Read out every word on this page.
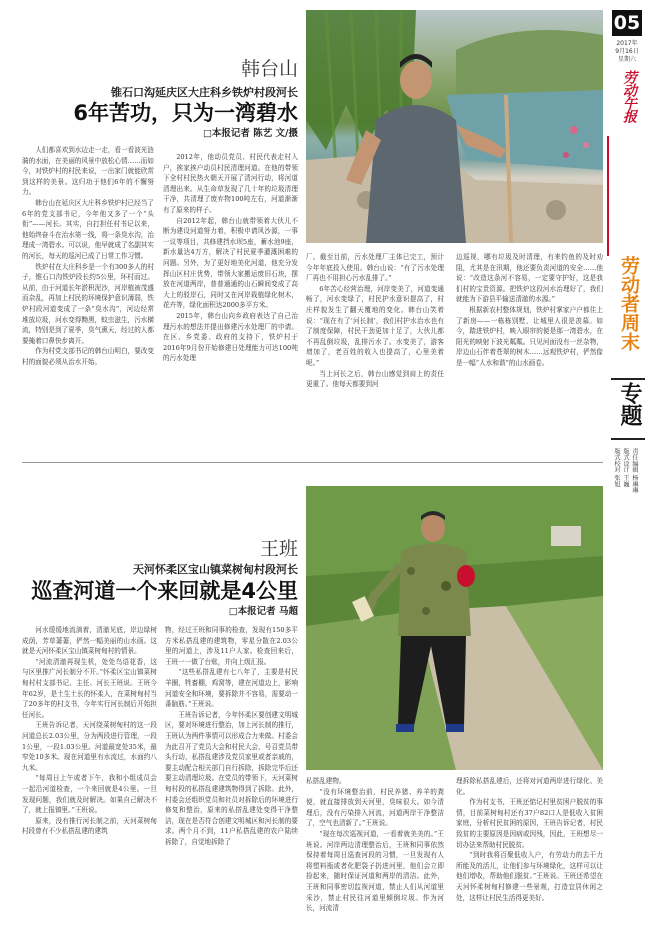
05
2017年
9月16日
星期六
劳动午报
劳动者周末
专题
责任编辑 杨琳琳
版式设计 王巍
版式校对 张旭
韩台山
锥石口沟延庆区大庄科乡铁炉村段河长
6年苦功，只为一湾碧水
□本报记者 陈艺 文/摄

人们都喜欢到水边走一走，看一看波光涟漪的水面，在美丽的风景中放松心情……而如今，对铁炉村的村民来说，一出家门就能欣赏到这样的美景。这归功于他们6年的不懈努力。

韩台山在延庆区大庄科乡铁炉村已经当了6年的党支部书记，今年他又多了一个“头衔”——河长。其实，自打担任村书记以来，他始终奋斗在治水第一线，将一条臭水沟，治理成一湾碧水。可以说，他早就成了名副其实的河长，每天的巡河已成了日常工作习惯。

铁炉村在大庄科乡是一个有300多人的村子，锥石口沟铁炉段长约5公里，环村而过。从前，由于河道长年淤积泥沙，河岸植被茂盛而杂乱，再加上村民的环境保护意识薄弱，铁炉村段河道变成了一条“臭水沟”，河边经常堆放垃圾，河水变得黝黑，蚊虫滋生，污水横流，特别是到了夏季，臭气熏天，经过的人都要掩着口鼻快步离开。

作为村党支部书记的韩台山明白，要改变村的面貌必须从治水开始。

2012年，他动员党员、村民代表走村入户，挨家挨户动员村民清理河道。在他的带领下全村村民热火朝天开展了清河行动，将河道清理出来。从生命草发现了几十年的垃圾清理干净，共清理了废弃物100吨左右，河道渐渐有了原来的样子。

自2012年起，韩台山就带领着大伙儿不断为建设河道努力着，积极申请风沙源，一事一议等项目，共修建挡水坝5座，蓄水池9座，新水量达4万方，解决了村民夏季灌溉困难的问题。另外，为了更好地美化河道，他充分发挥山区村庄优势，带领大家搬运废旧石块，摆放在河道两岸，普普通通的山石瞬间变成了高大上的驳岸石，同时又在河岸栽植绿化树木，花卉等，绿化面积达2000多平方米。

2015年，韩台山向乡政府表达了自己治理污水的想法并提出修建污水处理厂的申请。在区、乡党委、政府的支持下，铁炉村于2016年9月份开始修建日处理能力可达100吨的污水处理

厂。截至目前，污水处理厂主体已完工，预计今年年底投入使用。韩台山说：“有了污水处理厂再也不用担心污水乱排了。”

6年苦心经营治理，河岸变美了，河道变通畅了，河水变绿了，村民护水意识提高了，村庄样貌发生了翻天覆地的变化。韩台山笑着说：“现在有了‘河长制’，我们村护水治水也有了制度保障，村民干劲更加十足了，大伙儿都不再乱倒垃圾，乱排污水了。水变美了，游客增加了，老百姓的收入也提高了，心里美着呢。”

当上河长之后，韩台山感觉到肩上的责任更重了。他每天都要到河

边巡视，哪有垃圾及时清理，有来钓鱼的及时劝阻，尤其是在汛期，他还要负责河道的安全……他说：“改造这条河不容易，一定要守护好，这是我们村的宝贵资源。把铁炉这段河水治理好了，我们就能为下游县平输送清澈的水源。”

根据新农村整体规划，铁炉村掌家户户都住上了新房——一栋栋别墅，让城里人很是羡慕。如今，踏进铁炉村，映入眼帘的便是那一湾碧水，在阳光的映射下波光粼粼。只见河面没有一丝杂物，岸边山石伴着苍翠的树木……远观铁炉村，俨然像是一幅“人水和谐”的山水画卷。

王班
天河怀柔区宝山镇菜树甸村段河长
巡查河道一个来回就是4公里
□本报记者 马超

河水缓缓地流淌着，清澈见底，岸边绿树成荫，芳草萋萋，俨然一幅美丽的山水画。这就是天河怀柔区宝山镇菜树甸村的情景。

“河流清澈再现生机，处处鸟语花香，这与区里推广河长制分不开。”怀柔区宝山镇菜树甸村村支部书记、主任、河长王班说。王班今年62岁，是土生土长的怀柔人，在菜树甸村当了20多年的村支书，今年实行河长制后开始担任河长。

王班告诉记者，天河绕菜树甸村的这一段河道总长2.03公里，分为两段进行管理，一段1公里，一段1.03公里。河道最宽处35米，最窄处10多米。现在河道里有水流过，水面约八九米。

“每周日上午或者下午，我和小组成员会一起沿河道检查，一个来回就是4公里。一旦发现问题，我们就及时解决。如果自己解决不了，就上报镇里。”王班说。

原来，没有推行河长制之前，天河菜树甸村段曾有不少私搭乱建的建筑

物，经过王班和同事的检查，发现有150多平方米私搭乱建的建筑物，零星分散在2.03公里的河道上，涉及11户人家。检查回来后，王班一一做了台账，并向上级汇报。

“这些私搭乱建有七八年了，主要是村民羊圈，牲畜棚，鸡窝等，建在河道边上，影响河道安全和环境，要拆除并不容易，需要动一番脑筋。”王班说。

王班告诉记者，今年怀柔区要创建文明城区，要对环境进行整治，加上河长制的推行，王班认为两件事情可以形成合力来做。村委会为此召开了党员大会和村民大会，号召党员带头行动，私搭乱建涉及党员家里或者亲戚的，要主动配合相关部门自行拆除，拆除完毕后还要主动清理垃圾。在党员的带领下，天河菜树甸村段的私搭乱建建筑物得到了拆除。此外，村委会还组织党员和社员对拆除后的环境进行修复和整治，原来的私搭乱建处变得干净整洁，现在是否符合创建文明城区和河长制的要求。两个月不到，11户私搭乱建的农户陆续拆除了，自觉地拆除了

私搭乱建物。

“没有环境整治前，村民养猪、养羊的粪便，就直接排放到天河里，臭味很大。如今清理后，没有污染排入河流，河道两岸干净整洁了，空气也清新了。”王班说。

“现在每次巡视河道，一看着就美美的。”王班说。河岸两边清理整治后，王班和同事依然保持着每周日巡查河段的习惯，一旦发现有人将塑料瓶或者化肥袋子扔进河里，他们会立即捡起来，随时保证河道和两岸的清洁。此外，王班和同事密切监视河道，禁止人们从河道里采沙，禁止村民往河道里倾倒垃圾。作为河长，河流清

理拆除私搭乱建后，还将对河道两岸进行绿化、美化。

作为村支书，王班还惦记村里贫困户脱贫的事情，目前菜树甸村还有37户82口人是低收入贫困家庭，分析村民贫困的原因，王班告诉记者，村民致贫的主要原因是因病或因残，因此，王班想尽一切办法来帮助村民脱贫。

“到时我将百聚低收入户，有劳动力的去干力所能及的活儿，让他们参与环境绿化，这样可以让他们增收，帮助他们脱贫。”王班说。王班还希望在天河怀柔树甸村修建一些景观，打造宜居休闲之处，这样让村民生活得更美好。
